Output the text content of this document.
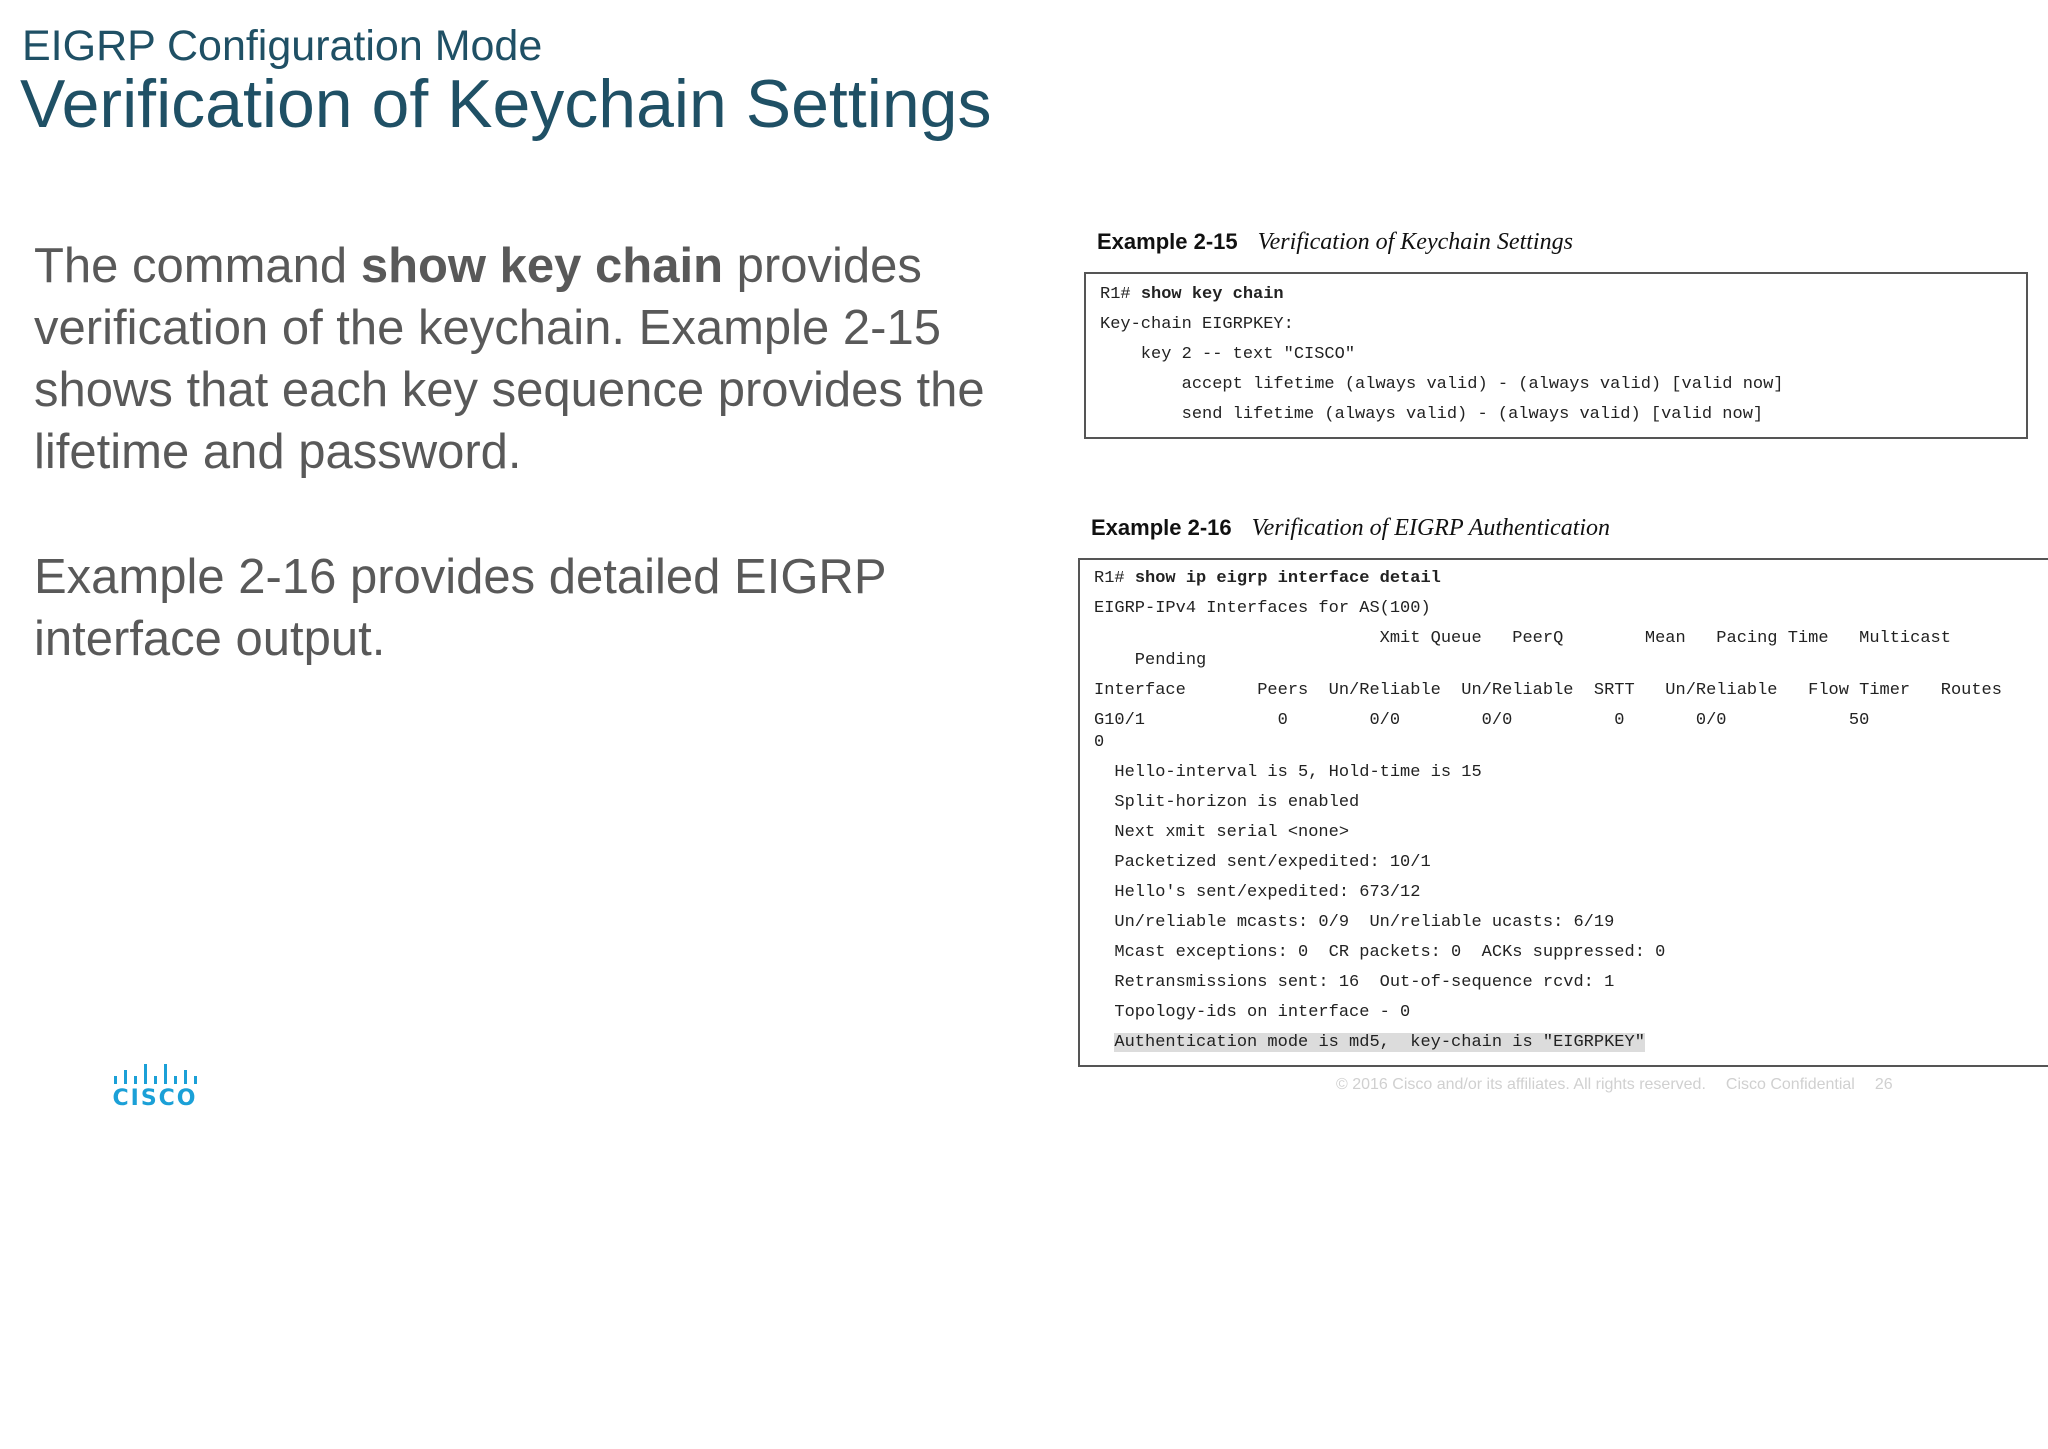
EIGRP Configuration Mode
Verification of Keychain Settings

The command show key chain provides verification of the keychain. Example 2-15 shows that each key sequence provides the lifetime and password.

Example 2-16 provides detailed EIGRP interface output.

Example 2-15 Verification of Keychain Settings
R1# show key chain
Key-chain EIGRPKEY:
key 2 -- text "CISCO"
accept lifetime (always valid) - (always valid) [valid now]
send lifetime (always valid) - (always valid) [valid now]
Example 2-16 Verification of EIGRP Authentication
R1# show ip eigrp interface detail
EIGRP-IPv4 Interfaces for AS(100)
Xmit Queue   PeerQ        Mean   Pacing Time   Multicast
Pending
Interface       Peers  Un/Reliable  Un/Reliable  SRTT   Un/Reliable   Flow Timer   Routes
G10/1             0        0/0        0/0          0       0/0            50
0
Hello-interval is 5, Hold-time is 15
Split-horizon is enabled
Next xmit serial <none>
Packetized sent/expedited: 10/1
Hello's sent/expedited: 673/12
Un/reliable mcasts: 0/9  Un/reliable ucasts: 6/19
Mcast exceptions: 0  CR packets: 0  ACKs suppressed: 0
Retransmissions sent: 16  Out-of-sequence rcvd: 1
Topology-ids on interface - 0
Authentication mode is md5,  key-chain is "EIGRPKEY"
CISCO
© 2016 Cisco and/or its affiliates. All rights reserved. Cisco Confidential 26
